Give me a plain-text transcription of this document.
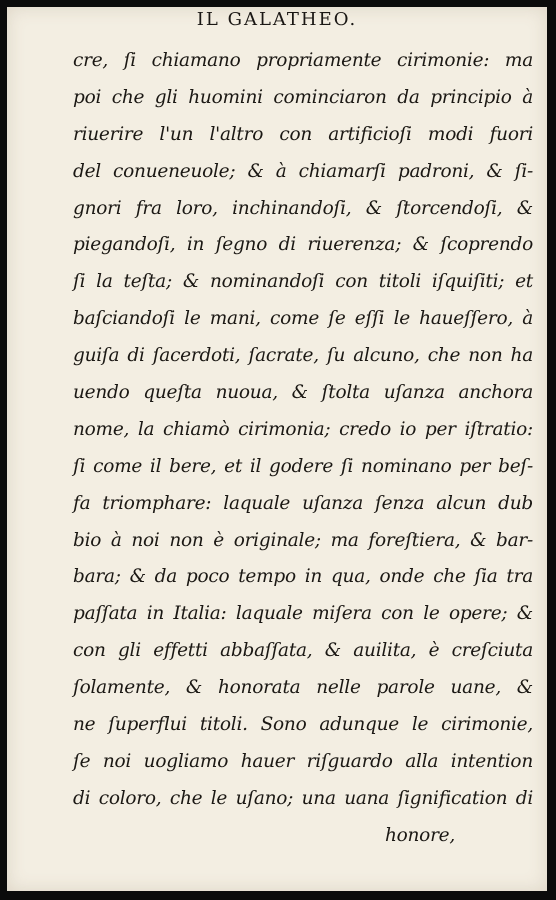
IL GALATHEO.
cre, ſi chiamano propriamente cirimonie: ma
poi che gli huomini cominciaron da principio à
riuerire l'un l'altro con artificioſi modi fuori
del conueneuole; & à chiamarſi padroni, & ſi-
gnori fra loro, inchinandoſi, & ſtorcendoſi, &
piegandoſi, in ſegno di riuerenza; & ſcoprendo
ſi la teſta; & nominandoſi con titoli iſquiſiti; et
baſciandoſi le mani, come ſe eſſi le haueſſero, à
guiſa di ſacerdoti, ſacrate, ſu alcuno, che non ha
uendo queſta nuoua, & ſtolta uſanza anchora
nome, la chiamò cirimonia; credo io per iſtratio:
ſi come il bere, et il godere ſi nominano per beſ-
fa triomphare: laquale uſanza ſenza alcun dub
bio à noi non è originale; ma foreſtiera, & bar-
bara; & da poco tempo in qua, onde che ſia tra
paſſata in Italia: laquale miſera con le opere; &
con gli effetti abbaſſata, & auilita, è creſciuta
ſolamente, & honorata nelle parole uane, &
ne ſuperflui titoli. Sono adunque le cirimonie,
ſe noi uogliamo hauer riſguardo alla intention
di coloro, che le uſano; una uana ſignification di
honore,
